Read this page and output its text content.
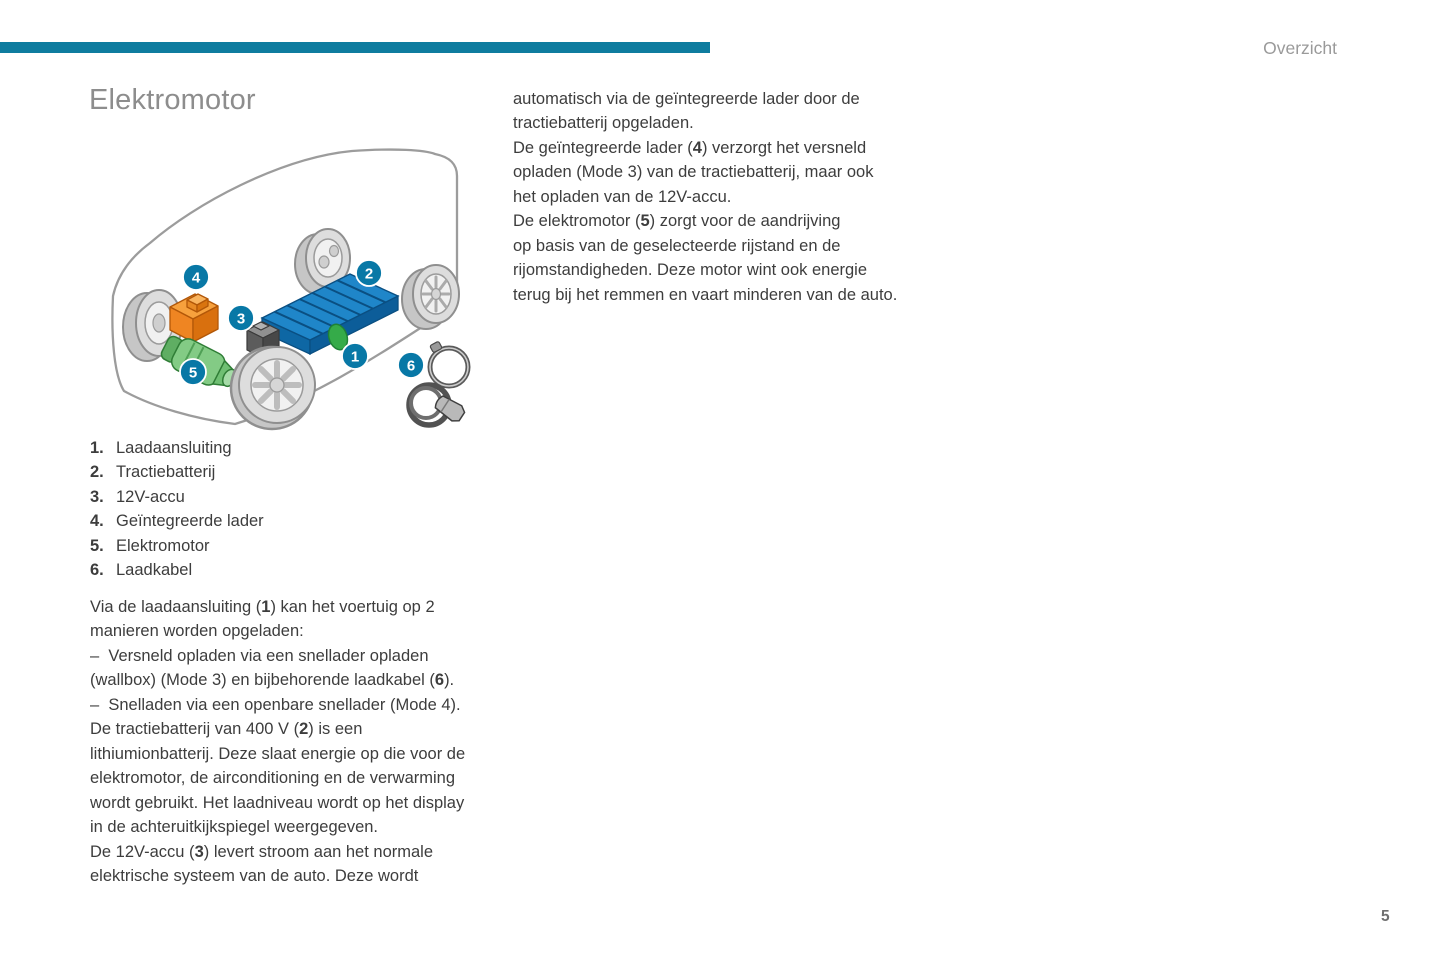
Overzicht
Elektromotor
1
2
3
4
5	6
1. Laadaansluiting
2. Tractiebatterij
3. 12V-accu
4. Geïntegreerde lader
5. Elektromotor
6. Laadkabel
Via de laadaansluiting (1) kan het voertuig op 2
manieren worden opgeladen:
–  Versneld opladen via een snellader opladen
(wallbox) (Mode 3) en bijbehorende laadkabel (6).
–  Snelladen via een openbare snellader (Mode 4).
De tractiebatterij van 400 V (2) is een
lithiumionbatterij. Deze slaat energie op die voor de
elektromotor, de airconditioning en de verwarming
wordt gebruikt. Het laadniveau wordt op het display
in de achteruitkijkspiegel weergegeven.
De 12V-accu (3) levert stroom aan het normale
elektrische systeem van de auto. Deze wordt
automatisch via de geïntegreerde lader door de
tractiebatterij opgeladen.
De geïntegreerde lader (4) verzorgt het versneld
opladen (Mode 3) van de tractiebatterij, maar ook
het opladen van de 12V-accu.
De elektromotor (5) zorgt voor de aandrijving
op basis van de geselecteerde rijstand en de
rijomstandigheden. Deze motor wint ook energie
terug bij het remmen en vaart minderen van de auto.
5
